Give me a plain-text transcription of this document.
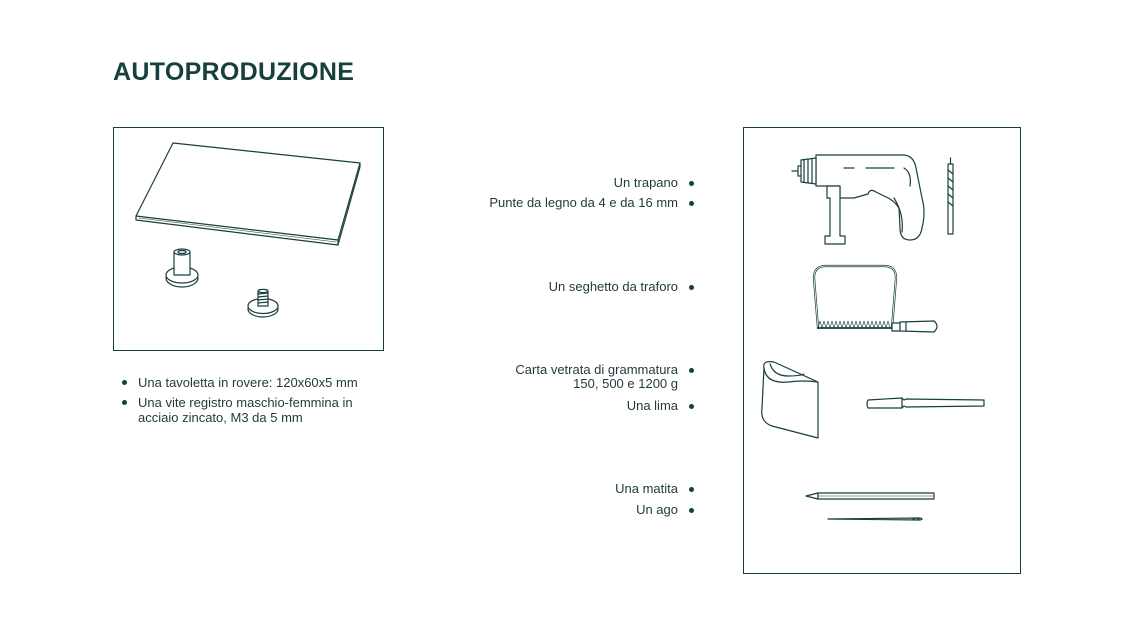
AUTOPRODUZIONE
Una tavoletta in rovere: 120x60x5 mm
Una vite registro maschio-femmina in acciaio zincato, M3 da 5 mm
Un trapano
Punte da legno da 4 e da 16 mm
Un seghetto da traforo
Carta vetrata di grammatura 150, 500 e 1200 g
Una lima
Una matita
Un ago
